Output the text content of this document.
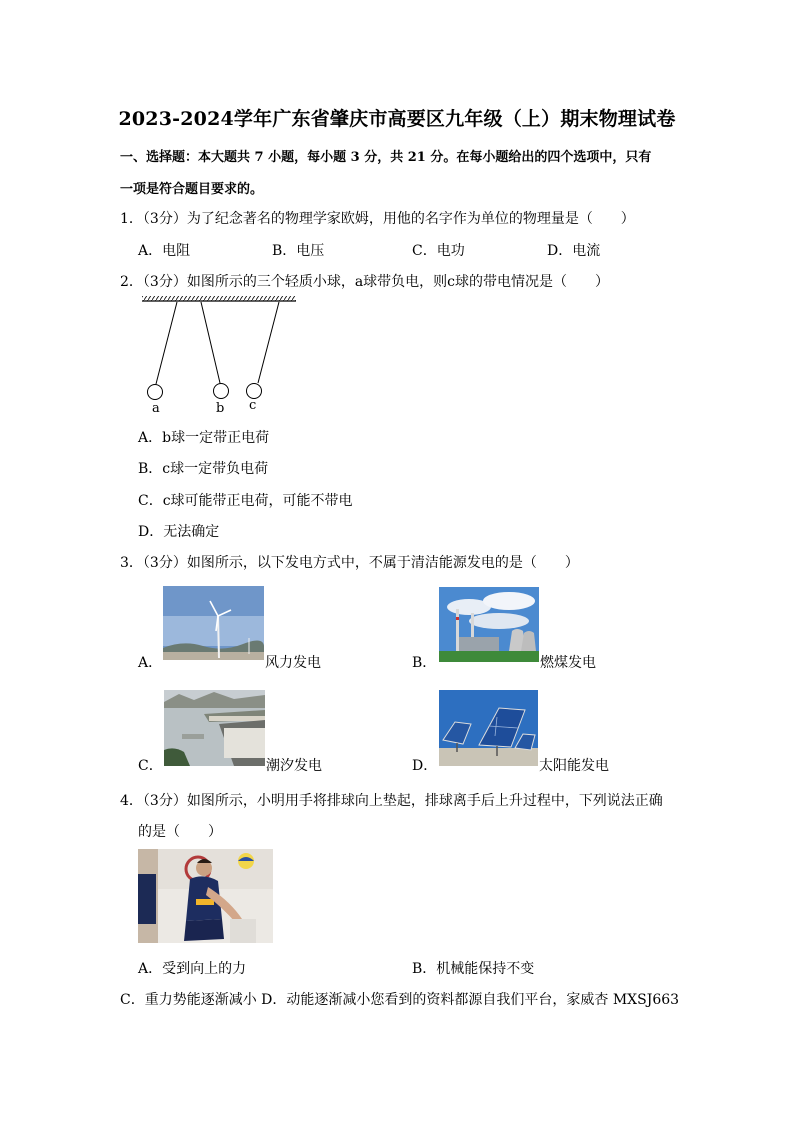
2023-2024学年广东省肇庆市高要区九年级（上）期末物理试卷
一、选择题：本大题共 7 小题，每小题 3 分，共 21 分。在每小题给出的四个选项中，只有
一项是符合题目要求的。
1．（3分）为了纪念著名的物理学家欧姆，用他的名字作为单位的物理量是（　　）
A．电阻	B．电压	C．电功	D．电流
2．（3分）如图所示的三个轻质小球，a球带负电，则c球的带电情况是（　　）
a	b c
A．b球一定带正电荷
B．c球一定带负电荷
C．c球可能带正电荷，可能不带电
D．无法确定
3．（3分）如图所示，以下发电方式中，不属于清洁能源发电的是（　　）
A．	风力发电	B．	燃煤发电
C．	潮汐发电	D．	太阳能发电
4．（3分）如图所示，小明用手将排球向上垫起，排球离手后上升过程中，下列说法正确
的是（　　）
A．受到向上的力	B．机械能保持不变
C．重力势能逐渐减小 D．动能逐渐减小您看到的资料都源自我们平台，家威杏 MXSJ663
